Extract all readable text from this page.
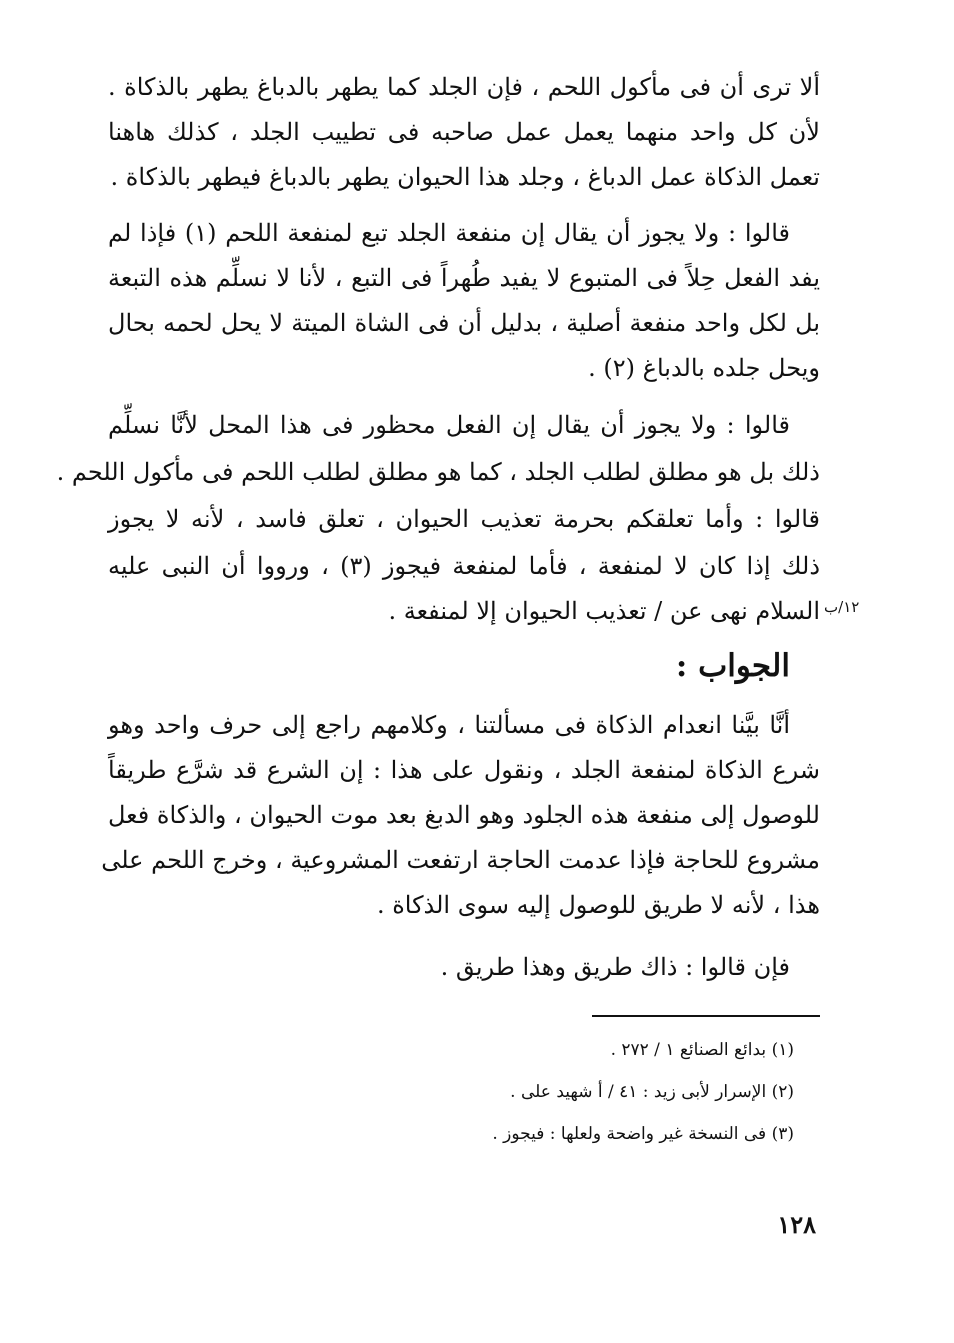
ألا ترى أن فى مأكول اللحم ، فإن الجلد كما يطهر بالدباغ يطهر بالذكاة .
لأن كل واحد منهما يعمل عمل صاحبه فى تطييب الجلد ، كذلك هاهنا
تعمل الذكاة عمل الدباغ ، وجلد هذا الحيوان يطهر بالدباغ فيطهر بالذكاة .
قالوا : ولا يجوز أن يقال إن منفعة الجلد تبع لمنفعة اللحم (١) فإذا لم
يفد الفعل حِلاً فى المتبوع لا يفيد طُهراً فى التبع ، لأنا لا نسلِّم هذه التبعة
بل لكل واحد منفعة أصلية ، بدليل أن فى الشاة الميتة لا يحل لحمه بحال
ويحل جلده بالدباغ (٢) .
قالوا : ولا يجوز أن يقال إن الفعل محظور فى هذا المحل لأنَّا نسلِّم
ذلك بل هو مطلق لطلب الجلد ، كما هو مطلق لطلب اللحم فى مأكول اللحم .
قالوا : وأما تعلقكم بحرمة تعذيب الحيوان ، تعلق فاسد ، لأنه لا يجوز
ذلك إذا كان لا لمنفعة ، فأما لمنفعة فيجوز (٣) ، ورووا أن النبى عليه
السلام نهى عن / تعذيب الحيوان إلا لمنفعة . ١٢/ب
الجواب :
أنَّا بيَّنا انعدام الذكاة فى مسألتنا ، وكلامهم راجع إلى حرف واحد وهو
شرع الذكاة لمنفعة الجلد ، ونقول على هذا : إن الشرع قد شرَّع طريقاً
للوصول إلى منفعة هذه الجلود وهو الدبغ بعد موت الحيوان ، والذكاة فعل
مشروع للحاجة فإذا عدمت الحاجة ارتفعت المشروعية ، وخرج اللحم على
هذا ، لأنه لا طريق للوصول إليه سوى الذكاة .
فإن قالوا : ذاك طريق وهذا طريق .
(١) بدائع الصنائع ١ / ٢٧٢ .
(٢) الإسرار لأبى زيد : ٤١ / أ شهيد على .
(٣) فى النسخة غير واضحة ولعلها : فيجوز .
١٢٨
